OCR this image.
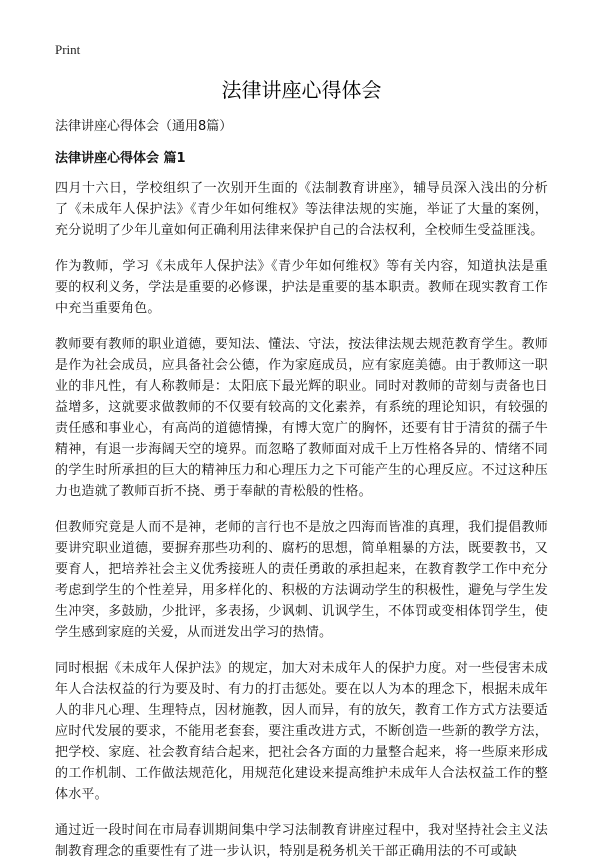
Print
法律讲座心得体会
法律讲座心得体会（通用8篇）
法律讲座心得体会 篇1

四月十六日，学校组织了一次别开生面的《法制教育讲座》，辅导员深入浅出的分析了《未成年人保护法》《青少年如何维权》等法律法规的实施，举证了大量的案例，充分说明了少年儿童如何正确利用法律来保护自己的合法权利，全校师生受益匪浅。

作为教师，学习《未成年人保护法》《青少年如何维权》等有关内容，知道执法是重要的权利义务，学法是重要的必修课，护法是重要的基本职责。教师在现实教育工作中充当重要角色。

教师要有教师的职业道德，要知法、懂法、守法，按法律法规去规范教育学生。教师是作为社会成员，应具备社会公德，作为家庭成员，应有家庭美德。由于教师这一职业的非凡性，有人称教师是：太阳底下最光辉的职业。同时对教师的苛刻与责备也日益增多，这就要求做教师的不仅要有较高的文化素养，有系统的理论知识，有较强的责任感和事业心，有高尚的道德情操，有博大宽广的胸怀，还要有甘于清贫的孺子牛精神，有退一步海阔天空的境界。而忽略了教师面对成千上万性格各异的、情绪不同的学生时所承担的巨大的精神压力和心理压力之下可能产生的心理反应。不过这种压力也造就了教师百折不挠、勇于奉献的青松般的性格。

但教师究竟是人而不是神，老师的言行也不是放之四海而皆准的真理，我们提倡教师要讲究职业道德，要摒弃那些功利的、腐朽的思想，简单粗暴的方法，既要教书，又要育人，把培养社会主义优秀接班人的责任勇敢的承担起来，在教育教学工作中充分考虑到学生的个性差异，用多样化的、积极的方法调动学生的积极性，避免与学生发生冲突，多鼓励，少批评，多表扬，少讽刺、讥讽学生，不体罚或变相体罚学生，使学生感到家庭的关爱，从而迸发出学习的热情。

同时根据《未成年人保护法》的规定，加大对未成年人的保护力度。对一些侵害未成年人合法权益的行为要及时、有力的打击惩处。要在以人为本的理念下，根据未成年人的非凡心理、生理特点，因材施教，因人而异，有的放矢，教育工作方式方法要适应时代发展的要求，不能用老套套，要注重改进方式，不断创造一些新的教学方法，把学校、家庭、社会教育结合起来，把社会各方面的力量整合起来，将一些原来形成的工作机制、工作做法规范化，用规范化建设来提高维护未成年人合法权益工作的整体水平。

通过近一段时间在市局春训期间集中学习法制教育讲座过程中，我对坚持社会主义法制教育理念的重要性有了进一步认识，特别是税务机关干部正确用法的不可或缺
